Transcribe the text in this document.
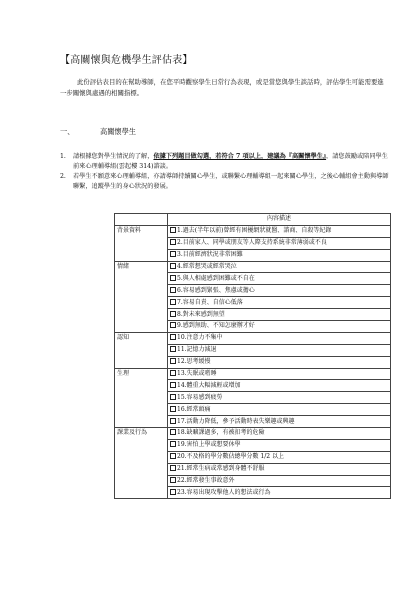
【高關懷與危機學生評估表】

此份評估表目的在幫助導師，在您平時觀察學生日常行為表現，或是當您與學生談話時，評估學生可能需要進一步關懷與處遇的相關指標。

一、	高關懷學生
1.	請根據您對學生情況的了解，依據下列題目做勾選，若符合 7 項以上，建議為『高關懷學生』，請您鼓勵或陪同學生前來心理輔導組(雲起樓 314)諮談。
2.	若學生不願意來心理輔導組，亦請導師持續關心學生，或聯繫心理輔導組一起來關心學生，之後心輔組會主動與導師聯繫，追蹤學生的身心狀況的發展。
	內容描述

背景資料	1.過去(半年以前)曾經有困擾網狀就醫、諮商、自殺等紀錄
	2.目前家人、同學或朋友等人際支持系統非常薄弱或不良
	3.目前經濟狀況非常困難

情緒	4.經常想哭或經常哭泣
	5.與人相處感到困難或不自在
	6.容易感到緊張、焦慮或擔心
	7.容易自責、自信心低落
	8.對未來感到無望
	9.感到無助、不知怎麼辦才好

認知	10.注意力不集中
	11.記憶力減退
	12.思考緩慢

生理	13.失眠或嗜睡
	14.體重大幅減輕或增加
	15.容易感到疲勞
	16.經常頭痛
	17.活動力降低，參予活動時表失樂趣或興趣

課業及行為	18.缺曠課過多，有被扣考的危險
	19.害怕上學或想要休學
	20.不及格的學分數佔總學分數 1/2 以上
	21.經常生病或常感到身體不舒服
	22.經常發生事故意外
	23.容易出現攻擊他人的想法或行為
